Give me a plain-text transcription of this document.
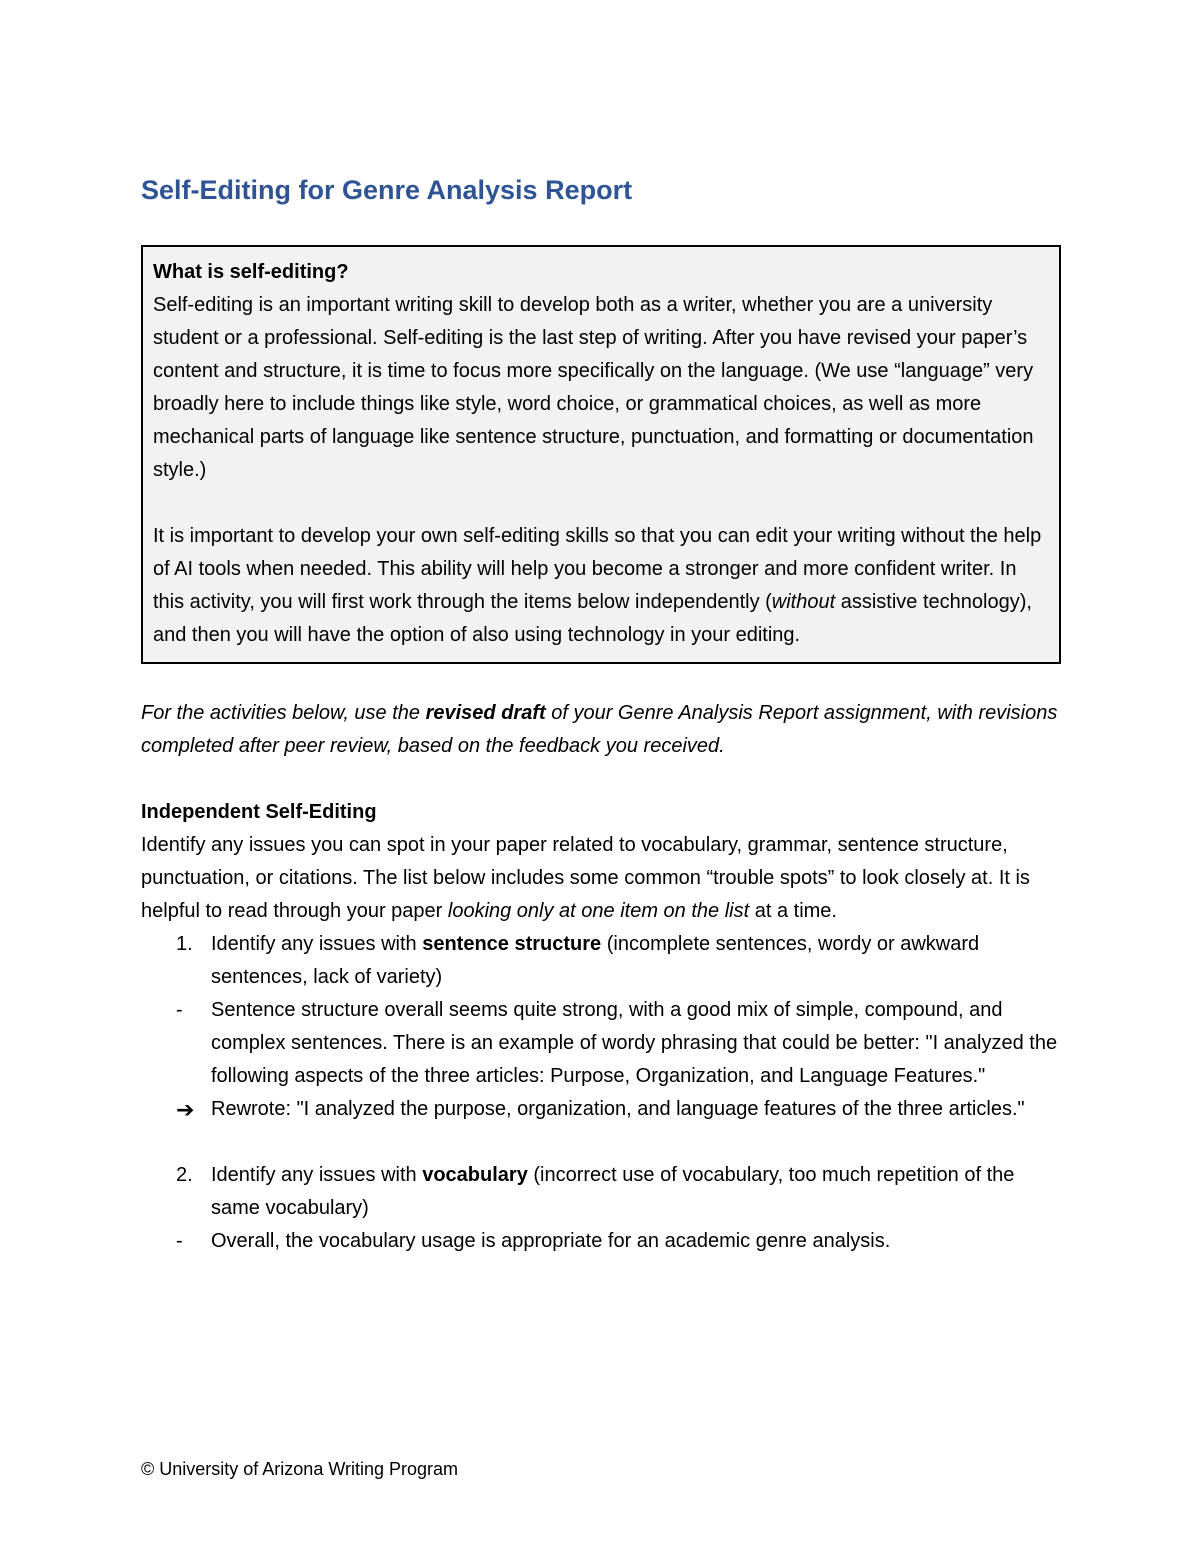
Self-Editing for Genre Analysis Report

What is self-editing?

Self-editing is an important writing skill to develop both as a writer, whether you are a university student or a professional. Self-editing is the last step of writing. After you have revised your paper’s content and structure, it is time to focus more specifically on the language. (We use “language” very broadly here to include things like style, word choice, or grammatical choices, as well as more mechanical parts of language like sentence structure, punctuation, and formatting or documentation style.)

It is important to develop your own self-editing skills so that you can edit your writing without the help of AI tools when needed. This ability will help you become a stronger and more confident writer. In this activity, you will first work through the items below independently (without assistive technology), and then you will have the option of also using technology in your editing.

For the activities below, use the revised draft of your Genre Analysis Report assignment, with revisions completed after peer review, based on the feedback you received.

Independent Self-Editing

Identify any issues you can spot in your paper related to vocabulary, grammar, sentence structure, punctuation, or citations. The list below includes some common “trouble spots” to look closely at. It is helpful to read through your paper looking only at one item on the list at a time.

1. Identify any issues with sentence structure (incomplete sentences, wordy or awkward sentences, lack of variety)
-	Sentence structure overall seems quite strong, with a good mix of simple, compound, and complex sentences. There is an example of wordy phrasing that could be better: "I analyzed the following aspects of the three articles: Purpose, Organization, and Language Features."
➔ Rewrote: "I analyzed the purpose, organization, and language features of the three articles."
2. Identify any issues with vocabulary (incorrect use of vocabulary, too much repetition of the same vocabulary)
-	Overall, the vocabulary usage is appropriate for an academic genre analysis.
© University of Arizona Writing Program
